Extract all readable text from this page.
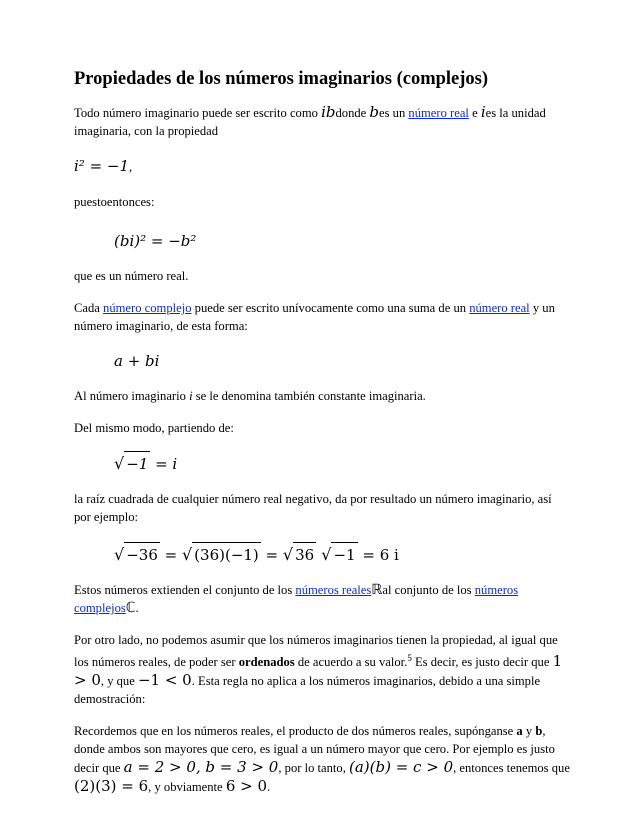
Propiedades de los números imaginarios (complejos)

Todo número imaginario puede ser escrito como ibdonde bes un número real e ies la unidad imaginaria, con la propiedad

i² = −1,

puestoentonces:

(bi)² = −b²

que es un número real.

Cada número complejo puede ser escrito unívocamente como una suma de un número real y un número imaginario, de esta forma:

a + bi

Al número imaginario i se le denomina también constante imaginaria.

Del mismo modo, partiendo de:

√ −1 = i

la raíz cuadrada de cualquier número real negativo, da por resultado un número imaginario, así por ejemplo:

√ −36 = √ (36)(−1) = √ 36 √ −1 = 6 i

Estos números extienden el conjunto de los números realesℝal conjunto de los números complejosℂ.

Por otro lado, no podemos asumir que los números imaginarios tienen la propiedad, al igual que los números reales, de poder ser ordenados de acuerdo a su valor.$^5$ Es decir, es justo decir que 1 > 0, y que −1 < 0. Esta regla no aplica a los números imaginarios, debido a una simple demostración:

Recordemos que en los números reales, el producto de dos números reales, supónganse a y b, donde ambos son mayores que cero, es igual a un número mayor que cero. Por ejemplo es justo decir que a = 2 > 0, b = 3 > 0, por lo tanto, (a)(b) = c > 0, entonces tenemos que (2)(3) = 6, y obviamente 6 > 0.
